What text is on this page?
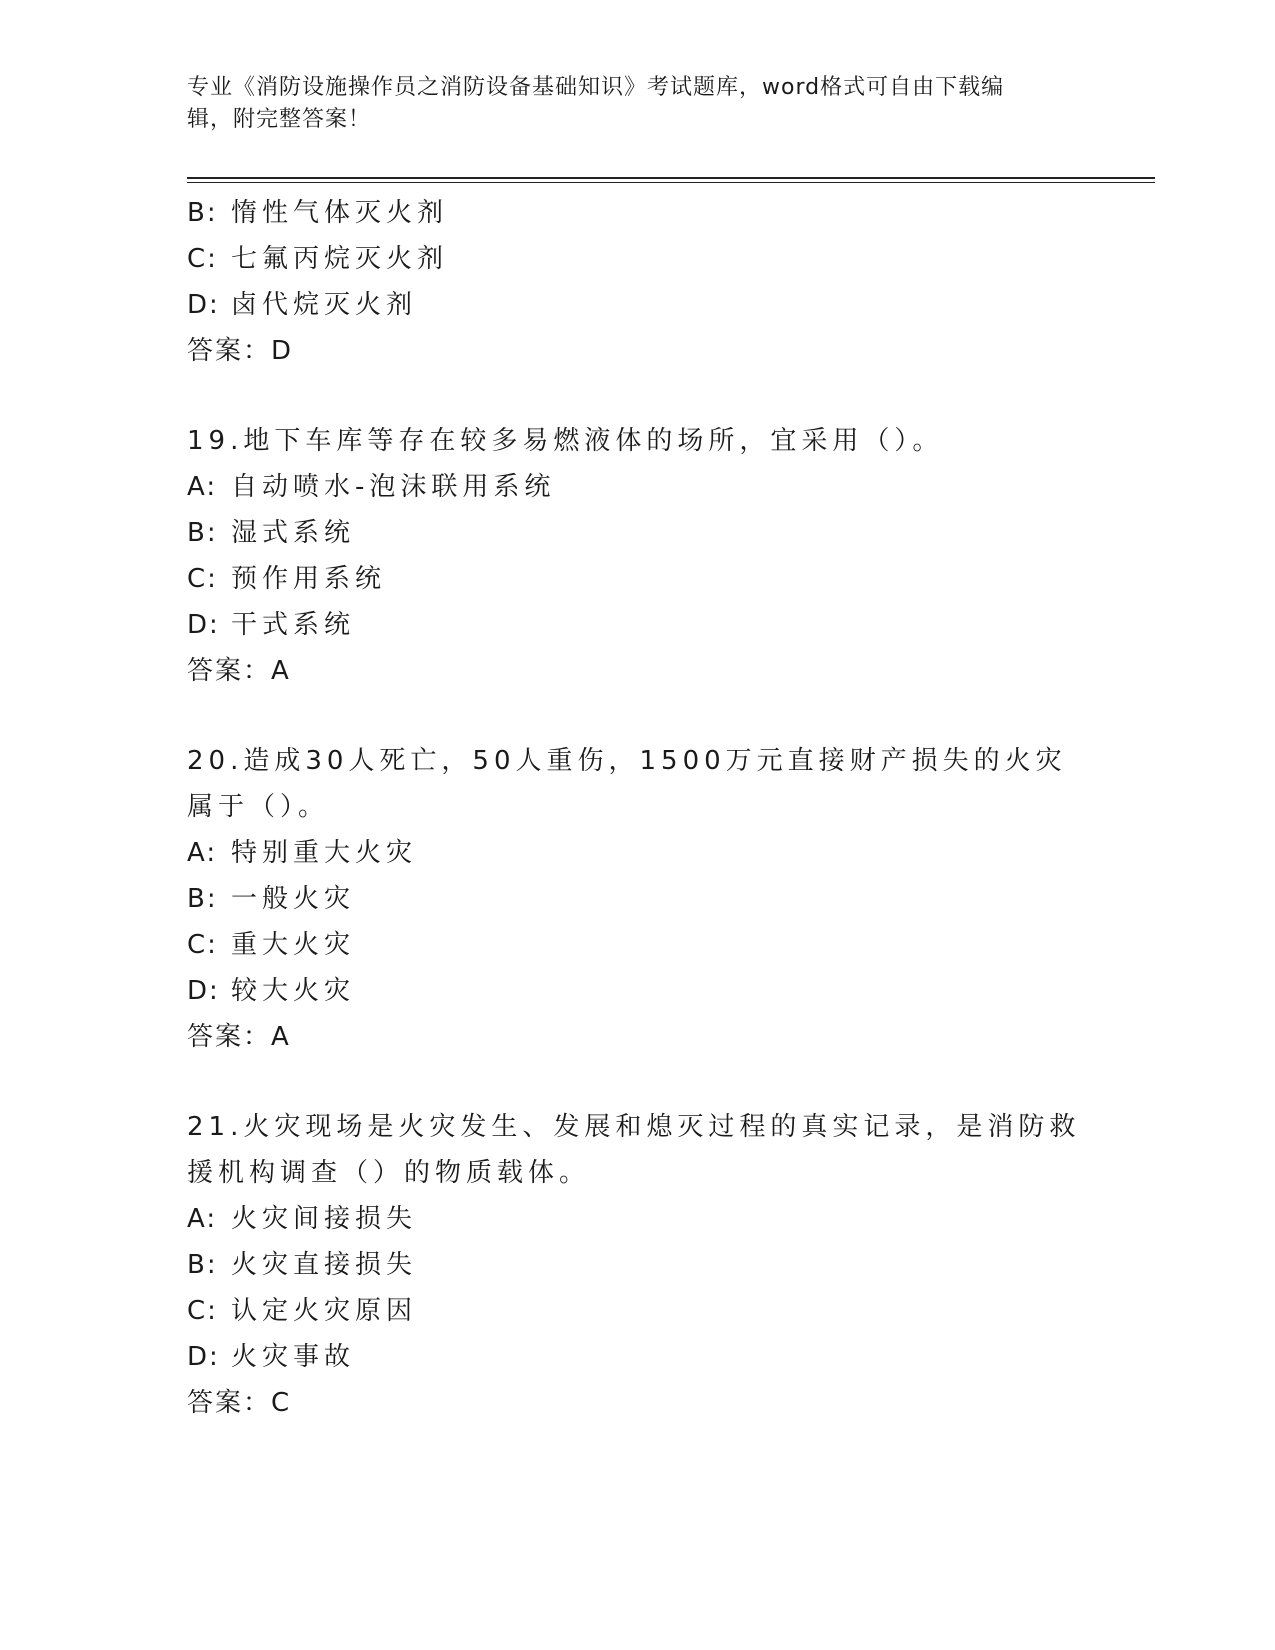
专业《消防设施操作员之消防设备基础知识》考试题库，word格式可自由下载编
辑，附完整答案！
B: 惰性气体灭火剂
C: 七氟丙烷灭火剂
D: 卤代烷灭火剂
答案：D
19.地下车库等存在较多易燃液体的场所，宜采用（）。
A: 自动喷水-泡沫联用系统
B: 湿式系统
C: 预作用系统
D: 干式系统
答案：A
20.造成30人死亡，50人重伤，1500万元直接财产损失的火灾属于（）。
A: 特别重大火灾
B: 一般火灾
C: 重大火灾
D: 较大火灾
答案：A
21.火灾现场是火灾发生、发展和熄灭过程的真实记录，是消防救援机构调查（）的物质载体。
A: 火灾间接损失
B: 火灾直接损失
C: 认定火灾原因
D: 火灾事故
答案：C
